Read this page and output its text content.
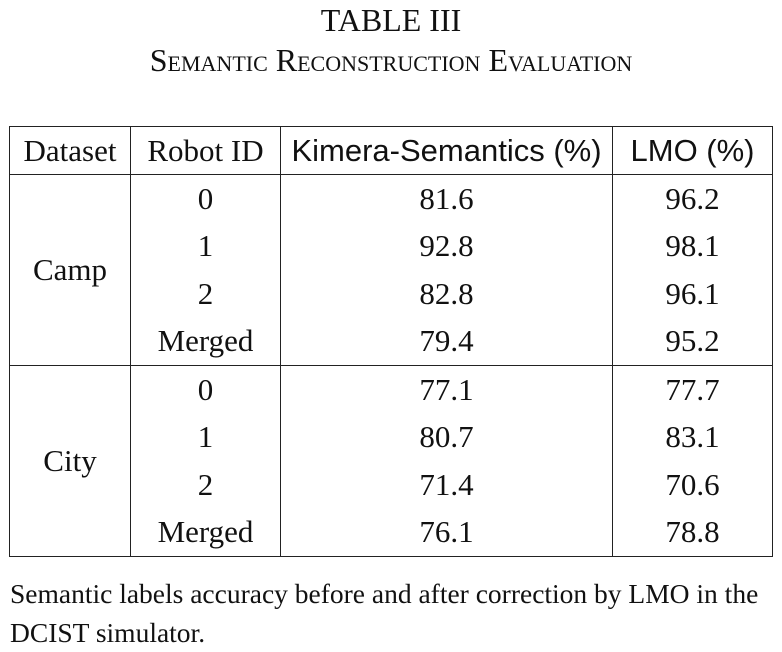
TABLE III
Semantic Reconstruction Evaluation
Dataset	Robot ID	Kimera-Semantics (%)	LMO (%)
Camp	0	81.6	96.2
	1	92.8	98.1
	2	82.8	96.1
	Merged	79.4	95.2
City	0	77.1	77.7
	1	80.7	83.1
	2	71.4	70.6
	Merged	76.1	78.8
Semantic labels accuracy before and after correction by LMO in the DCIST simulator.
